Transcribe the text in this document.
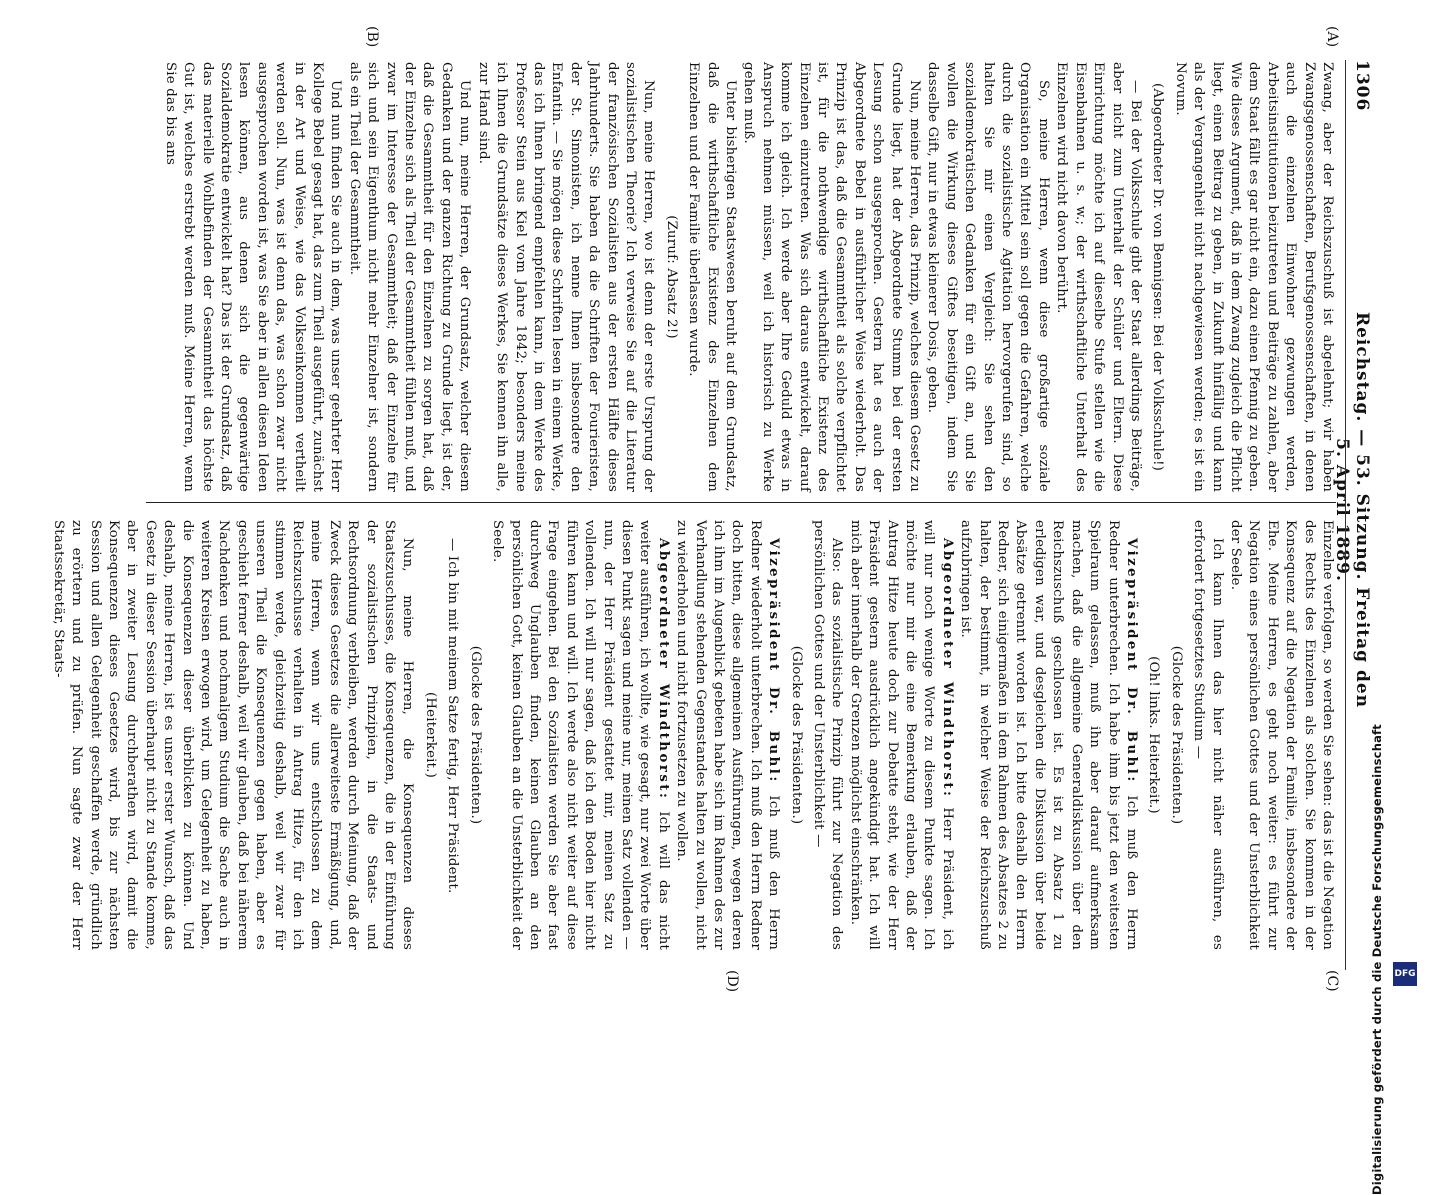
1306
Reichstag. — 53. Sitzung. Freitag den 5. April 1889.
(A)
(B)
(C)
(D)

Zwang, aber der Reichszuschuß ist abgelehnt; wir haben Zwangsgenossenschaften, Berufsgenossenschaften, in denen auch die einzelnen Einwohner gezwungen werden, Arbeitsinstitutionen beizutreten und Beiträge zu zahlen, aber dem Staat fällt es gar nicht ein, dazu einen Pfennig zu geben. Wie dieses Argument, daß in dem Zwang zugleich die Pflicht liegt, einen Beitrag zu geben, in Zukunft hinfällig und kann als der Vergangenheit nicht nachgewiesen werden; es ist ein Novum.

(Abgeordneter Dr. von Bennigsen: Bei der Volksschule!)

— Bei der Volksschule gibt der Staat allerdings Beiträge, aber nicht zum Unterhalt der Schüler und Eltern. Diese Einrichtung möchte ich auf dieselbe Stufe stellen wie die Eisenbahnen u. s. w.; der wirthschaftliche Unterhalt des Einzelnen wird nicht davon berührt.

So, meine Herren, wenn diese großartige soziale Organisation ein Mittel sein soll gegen die Gefahren, welche durch die sozialistische Agitation hervorgerufen sind, so halten Sie mir einen Vergleich: Sie sehen den sozialdemokratischen Gedanken für ein Gift an, und Sie wollen die Wirkung dieses Giftes beseitigen, indem Sie dasselbe Gift, nur in etwas kleinerer Dosis, geben.

Nun, meine Herren, das Prinzip, welches diesem Gesetz zu Grunde liegt, hat der Abgeordnete Stumm bei der ersten Lesung schon ausgesprochen. Gestern hat es auch der Abgeordnete Bebel in ausführlicher Weise wiederholt. Das Prinzip ist das, daß die Gesammtheit als solche verpflichtet ist, für die nothwendige wirthschaftliche Existenz des Einzelnen einzutreten. Was sich daraus entwickelt, darauf komme ich gleich. Ich werde aber Ihre Geduld etwas in Anspruch nehmen müssen, weil ich historisch zu Werke gehen muß.

Unter bisherigen Staatswesen beruht auf dem Grundsatz, daß die wirthschaftliche Existenz des Einzelnen dem Einzelnen und der Familie überlassen wurde.

(Zuruf: Absatz 2!)

Nun, meine Herren, wo ist denn der erste Ursprung der sozialistischen Theorie? Ich verweise Sie auf die Literatur der französischen Sozialisten aus der ersten Hälfte dieses Jahrhunderts. Sie haben da die Schriften der Fourieristen, der St. Simonisten, ich nenne Ihnen insbesondere den Enfantin. — Sie mögen diese Schriften lesen in einem Werke, das ich Ihnen bringend empfehlen kann, in dem Werke des Professor Stein aus Kiel vom Jahre 1842; besonders meine ich Ihnen die Grundsätze dieses Werkes, Sie kennen ihn alle, zur Hand sind.

Und nun, meine Herren, der Grundsatz, welcher diesem Gedanken und der ganzen Richtung zu Grunde liegt, ist der, daß die Gesammtheit für den Einzelnen zu sorgen hat, daß der Einzelne sich als Theil der Gesammtheit fühlen muß, und zwar im Interesse der Gesammtheit; daß der Einzelne für sich und sein Eigenthum nicht mehr Einzelner ist, sondern als ein Theil der Gesammtheit.

Und nun finden Sie auch in dem, was unser geehrter Herr Kollege Bebel gesagt hat, das zum Theil ausgeführt, zunächst in der Art und Weise, wie das Volkseinkommen vertheilt werden soll. Nun, was ist denn das, was schon zwar nicht ausgesprochen worden ist, was Sie aber in allen diesen Ideen lesen können, aus denen sich die gegenwärtige Sozialdemokratie entwickelt hat? Das ist der Grundsatz, daß das materielle Wohlbefinden der Gesammtheit das höchste Gut ist, welches erstrebt werden muß. Meine Herren, wenn Sie das bis ans

Einzelne verfolgen, so werden Sie sehen: das ist die Negation des Rechts des Einzelnen als solchen. Sie kommen in der Konsequenz auf die Negation der Familie, insbesondere der Ehe. Meine Herren, es geht noch weiter: es führt zur Negation eines persönlichen Gottes und der Unsterblichkeit der Seele.

Ich kann Ihnen das hier nicht näher ausführen, es erfordert fortgesetztes Studium —

(Glocke des Präsidenten.)

(Oh! links. Heiterkeit.)

Vizepräsident Dr. Buhl: Ich muß den Herrn Redner unterbrechen. Ich habe ihm bis jetzt den weitesten Spielraum gelassen, muß ihn aber darauf aufmerksam machen, daß die allgemeine Generaldiskussion über den Reichszuschuß geschlossen ist. Es ist zu Absatz 1 zu erledigen war, und desgleichen die Diskussion über beide Absätze getrennt worden ist. Ich bitte deshalb den Herrn Redner, sich einigermaßen in dem Rahmen des Absatzes 2 zu halten, der bestimmt, in welcher Weise der Reichszuschuß aufzubringen ist.

Abgeordneter Windthorst: Herr Präsident, ich will nur noch wenige Worte zu diesem Punkte sagen. Ich möchte nur mir die eine Bemerkung erlauben, daß der Antrag Hitze heute doch zur Debatte steht, wie der Herr Präsident gestern ausdrücklich angekündigt hat. Ich will mich aber innerhalb der Grenzen möglichst einschränken.

Also: das sozialistische Prinzip führt zur Negation des persönlichen Gottes und der Unsterblichkeit —

(Glocke des Präsidenten.)

Vizepräsident Dr. Buhl: Ich muß den Herrn Redner wiederholt unterbrechen. Ich muß den Herrn Redner doch bitten, diese allgemeinen Ausführungen, wegen deren ich ihm im Augenblick gebeten habe sich im Rahmen des zur Verhandlung stehenden Gegenstandes halten zu wollen, nicht zu wiederholen und nicht fortzusetzen zu wollen.

Abgeordneter Windthorst: Ich will das nicht weiter ausführen, ich wollte, wie gesagt, nur zwei Worte über diesen Punkt sagen und meine nur, meinen Satz vollenden — nun, der Herr Präsident gestattet mir, meinen Satz zu vollenden. Ich will nur sagen, daß ich den Boden hier nicht führen kann und will. Ich werde also nicht weiter auf diese Frage eingehen. Bei den Sozialisten werden Sie aber fast durchweg Unglauben finden, keinen Glauben an den persönlichen Gott, keinen Glauben an die Unsterblichkeit der Seele.

(Glocke des Präsidenten.)

— Ich bin mit meinem Satze fertig, Herr Präsident.

(Heiterkeit.)

Nun, meine Herren, die Konsequenzen dieses Staatszuschusses, die Konsequenzen, die in der Einführung der sozialistischen Prinzipien, in die Staats- und Rechtsordnung verbleiben, werden durch Meinung, daß der Zweck dieses Gesetzes die allerweiteste Ermäßigung, und, meine Herren, wenn wir uns entschlossen zu dem Reichszuschusse verhalten in Antrag Hitze, für den ich stimmen werde, gleichzeitig deshalb, weil wir zwar für unseren Theil die Konsequenzen gegen haben, aber es geschieht ferner deshalb, weil wir glauben, daß bei näherem Nachdenken und nochmaligem Studium die Sache auch in weiteren Kreisen erwogen wird, um Gelegenheit zu haben, die Konsequenzen dieser überblicken zu können. Und deshalb, meine Herren, ist es unser erster Wunsch, daß das Gesetz in dieser Session überhaupt nicht zu Stande komme, aber in zweiter Lesung durchberathen wird, damit die Konsequenzen dieses Gesetzes wird, bis zur nächsten Session und allen Gelegenheit geschaffen werde, gründlich zu erörtern und zu prüfen. Nun sagte zwar der Herr Staatssekretär, Staats-

Digitalisierung gefördert durch die Deutsche Forschungsgemeinschaft	DFG
